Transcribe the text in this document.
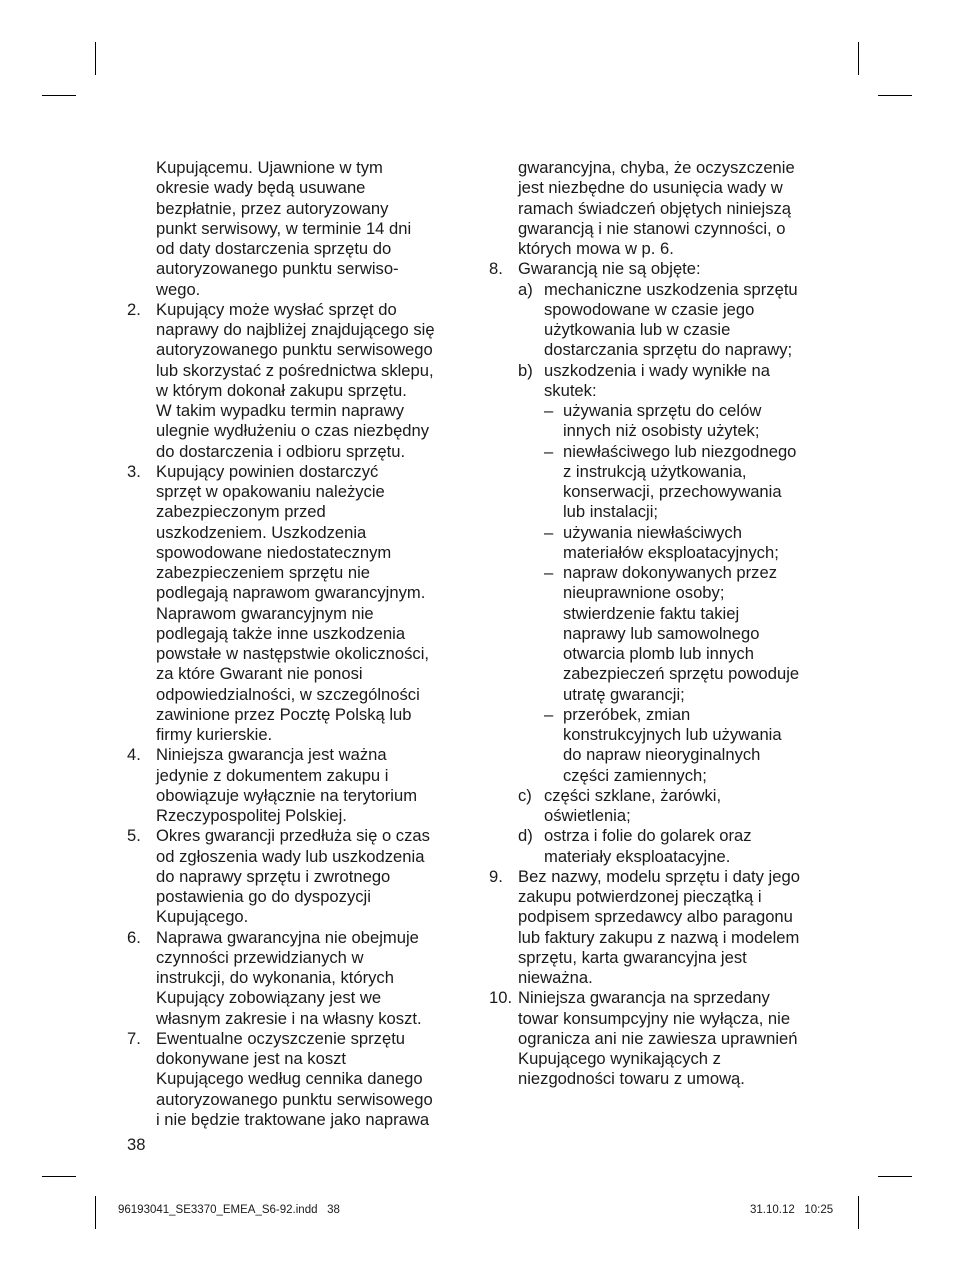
Kupującemu. Ujawnione w tym
okresie wady będą usuwane
bezpłatnie, przez autoryzowany
punkt serwisowy, w terminie 14 dni
od daty dostarczenia sprzętu do
autoryzowanego punktu serwiso-
wego.
2. Kupujący może wysłać sprzęt do
naprawy do najbliżej znajdującego się
autoryzowanego punktu serwisowego
lub skorzystać z pośrednictwa sklepu,
w którym dokonał zakupu sprzętu.
W takim wypadku termin naprawy
ulegnie wydłużeniu o czas niezbędny
do dostarczenia i odbioru sprzętu.
3. Kupujący powinien dostarczyć
sprzęt w opakowaniu należycie
zabezpieczonym przed
uszkodzeniem. Uszkodzenia
spowodowane niedostatecznym
zabezpieczeniem sprzętu nie
podlegają naprawom gwarancyjnym.
Naprawom gwarancyjnym nie
podlegają także inne uszkodzenia
powstałe w następstwie okoliczności,
za które Gwarant nie ponosi
odpowiedzialności, w szczególności
zawinione przez Pocztę Polską lub
firmy kurierskie.
4. Niniejsza gwarancja jest ważna
jedynie z dokumentem zakupu i
obowiązuje wyłącznie na terytorium
Rzeczypospolitej Polskiej.
5. Okres gwarancji przedłuża się o czas
od zgłoszenia wady lub uszkodzenia
do naprawy sprzętu i zwrotnego
postawienia go do dyspozycji
Kupującego.
6. Naprawa gwarancyjna nie obejmuje
czynności przewidzianych w
instrukcji, do wykonania, których
Kupujący zobowiązany jest we
własnym zakresie i na własny koszt.
7. Ewentualne oczyszczenie sprzętu
dokonywane jest na koszt
Kupującego według cennika danego
autoryzowanego punktu serwisowego
i nie będzie traktowane jako naprawa
gwarancyjna, chyba, że oczyszczenie
jest niezbędne do usunięcia wady w
ramach świadczeń objętych niniejszą
gwarancją i nie stanowi czynności, o
których mowa w p. 6.
8. Gwarancją nie są objęte:
a) mechaniczne uszkodzenia sprzętu
spowodowane w czasie jego
użytkowania lub w czasie
dostarczania sprzętu do naprawy;
b) uszkodzenia i wady wynikłe na
skutek:
– używania sprzętu do celów
innych niż osobisty użytek;
– niewłaściwego lub niezgodnego
z instrukcją użytkowania,
konserwacji, przechowywania
lub instalacji;
– używania niewłaściwych
materiałów eksploatacyjnych;
– napraw dokonywanych przez
nieuprawnione osoby;
stwierdzenie faktu takiej
naprawy lub samowolnego
otwarcia plomb lub innych
zabezpieczeń sprzętu powoduje
utratę gwarancji;
– przeróbek, zmian
konstrukcyjnych lub używania
do napraw nieoryginalnych
części zamiennych;
c) części szklane, żarówki,
oświetlenia;
d) ostrza i folie do golarek oraz
materiały eksploatacyjne.
9. Bez nazwy, modelu sprzętu i daty jego
zakupu potwierdzonej pieczątką i
podpisem sprzedawcy albo paragonu
lub faktury zakupu z nazwą i modelem
sprzętu, karta gwarancyjna jest
nieważna.
10. Niniejsza gwarancja na sprzedany
towar konsumpcyjny nie wyłącza, nie
ogranicza ani nie zawiesza uprawnień
Kupującego wynikających z
niezgodności towaru z umową.
38
96193041_SE3370_EMEA_S6-92.indd   38	31.10.12   10:25
